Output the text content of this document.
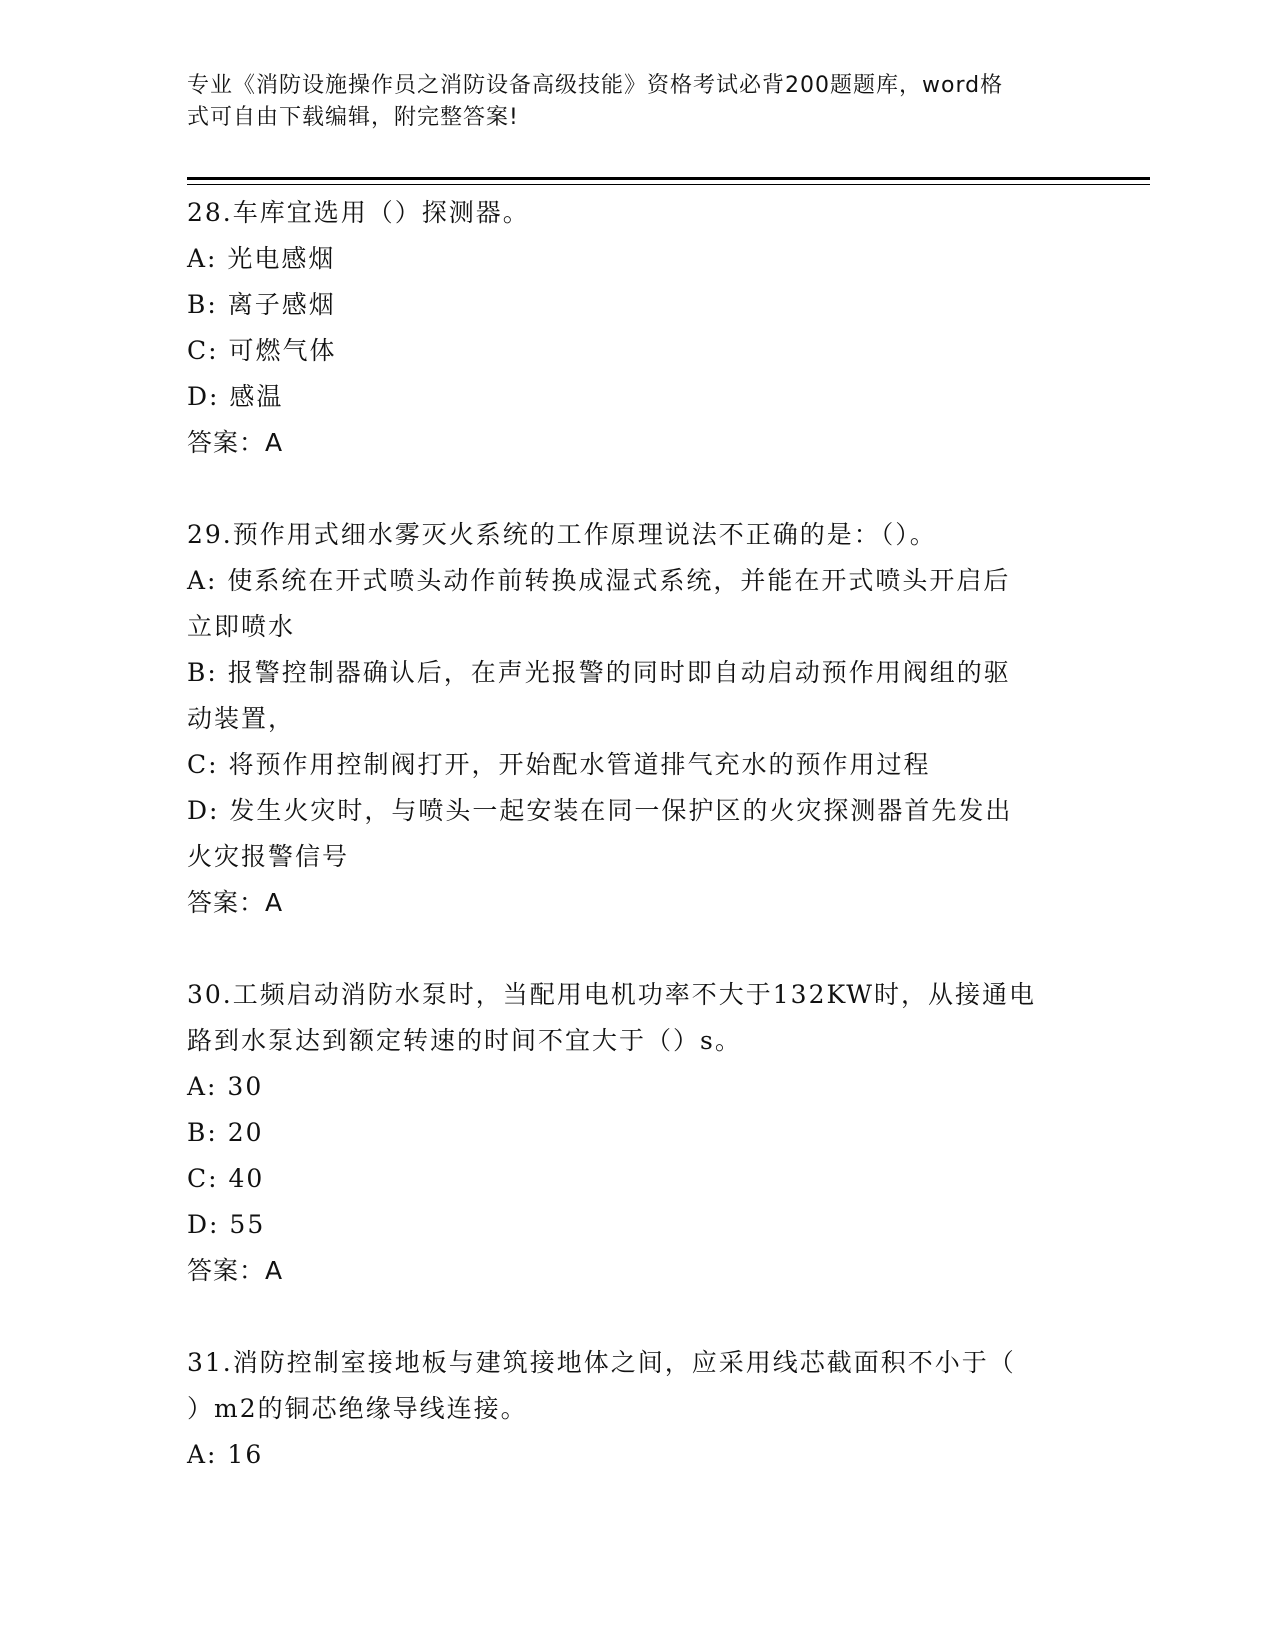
专业《消防设施操作员之消防设备高级技能》资格考试必背200题题库，word格
式可自由下载编辑，附完整答案!

28.车库宜选用（）探测器。

A: 光电感烟

B: 离子感烟

C: 可燃气体

D: 感温

答案：A

29.预作用式细水雾灭火系统的工作原理说法不正确的是：（）。

A: 使系统在开式喷头动作前转换成湿式系统，并能在开式喷头开启后

立即喷水

B: 报警控制器确认后，在声光报警的同时即自动启动预作用阀组的驱

动装置，

C: 将预作用控制阀打开，开始配水管道排气充水的预作用过程

D: 发生火灾时，与喷头一起安装在同一保护区的火灾探测器首先发出

火灾报警信号

答案：A

30.工频启动消防水泵时，当配用电机功率不大于132KW时，从接通电

路到水泵达到额定转速的时间不宜大于（）s。

A: 30

B: 20

C: 40

D: 55

答案：A

31.消防控制室接地板与建筑接地体之间，应采用线芯截面积不小于（

）m2的铜芯绝缘导线连接。

A: 16
